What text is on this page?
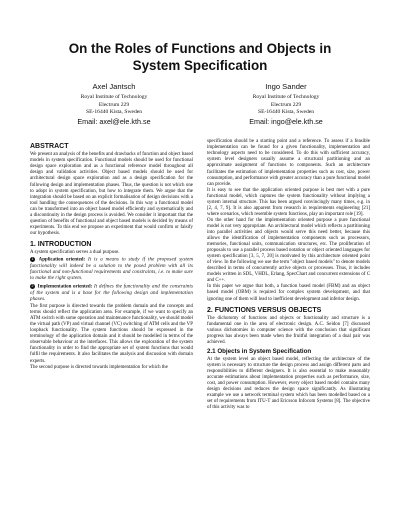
On the Roles of Functions and Objects in

System Specification

Axel Jantsch
Royal Institute of Technology
Electrum 229
SE-16440 Kista, Sweden
Email: axel@ele.kth.se
Ingo Sander
Royal Institute of Technology
Electrum 229
SE-16440 Kista, Sweden
Email: ingo@ele.kth.se
ABSTRACT

We present an analysis of the benefits and drawbacks of function and object based models in system specification. Functional models should be used for functional design space exploration and as a functional reference model throughout all design and validation activities. Object based models should be used for architectural design space exploration and as a design specification for the following design and implementation phases. Thus, the question is not which one to adopt in system specification, but how to integrate them. We argue that the integration should be based on an explicit formalisation of design decisions with a tool handling the consequences of the decisions. In this way a functional model can be transformed into an object based model efficiently and systematically and a discontinuity in the design process is avoided. We consider it important that the question of benefits of functional and object based models is decided by means of experiments. To this end we propose an experiment that would confirm or falsify our hypothesis.

1. INTRODUCTION

A system specification serves a dual purpose.

1 Application oriented: It is a means to study if the proposed system functionality will indeed be a solution to the posed problem with all its functional and non-functional requirements and constraints, i.e. to make sure to make the right system.
2 Implementation oriented: It defines the functionality and the constraints of the system and is a base for the following design and implementation phases.

The first purpose is directed towards the problem domain and the concepts and terms should reflect the application area. For example, if we want to specify an ATM switch with some operation and maintenance functionality, we should model the virtual path (VP) and virtual channel (VC) switching of ATM cells and the VP loopback functionality. The system functions should be expressed in the terminology of the application domain and it should be modelled in terms of the observable behaviour at the interfaces. This allows the exploration of the system functionality in order to find the appropriate set of system functions that would fulfil the requirements. It also facilitates the analysis and discussion with domain experts.

The second purpose is directed towards implementation for which the

specification should be a starting point and a reference. To assess if a feasible implementation can be found for a given functionality, implementation and technology aspects need to be considered. To do this with sufficient accuracy, system level designers usually assume a structural partitioning and an approximate assignment of functions to components. Such an architecture facilitates the estimation of implementation properties such as cost, size, power consumption, and performance with greater accuracy than a pure functional model can provide.

It is easy to see that the application oriented purpose is best met with a pure functional model, which captures the system functionality without implying a system internal structure. This has been argued convincingly many times, e.g. in [2, 4, 7, 9]. It is also apparent from research in requirements engineering [21] where scenarios, which resemble system functions, play an important role [19].

On the other hand for the implementation oriented purpose a pure functional model is not very appropriate. An architectural model which reflects a partitioning into parallel activities and objects would serve this need better, because this allows the identification of implementation components such as processors, memories, functional units, communication structures, etc. The proliferation of proposals to use a parallel process based notation or object oriented languages for system specification [3, 5, 7, 20] is motivated by this architecture oriented point of view. In the following we use the term "object based models" to denote models described in terms of concurrently active objects or processes. Thus, it includes models written in SDL, VHDL, Erlang, SpecChart and concurrent extensions of C and C++.

In this paper we argue that both, a function based model (FBM) and an object based model (OBM) is required for complex system development, and that ignoring one of them will lead to inefficient development and inferior design.

2. FUNCTIONS VERSUS OBJECTS

The dichotomy of functions and objects or functionality and structure is a fundamental one in the area of electronic design. A.C. Seidon [7] discussed various dichotomies in computer science with the conclusion that significant progress has always been made when the fruitful integration of a dual pair was achieved.

2.1 Objects in System Specification

At the system level an object based model, reflecting the architecture of the system is necessary to structure the design process and assign different parts and responsibilities to different designers. It is also essential to make reasonably accurate estimations about implementation properties such as performance, size, cost, and power consumption. However, every object based model contains many design decisions and reduces the design space significantly. As illustrating example we use a network terminal system which has been modelled based on a set of requirements from ITU-T and Ericsson Infocom Systems [8]. The objective of this activity was to
